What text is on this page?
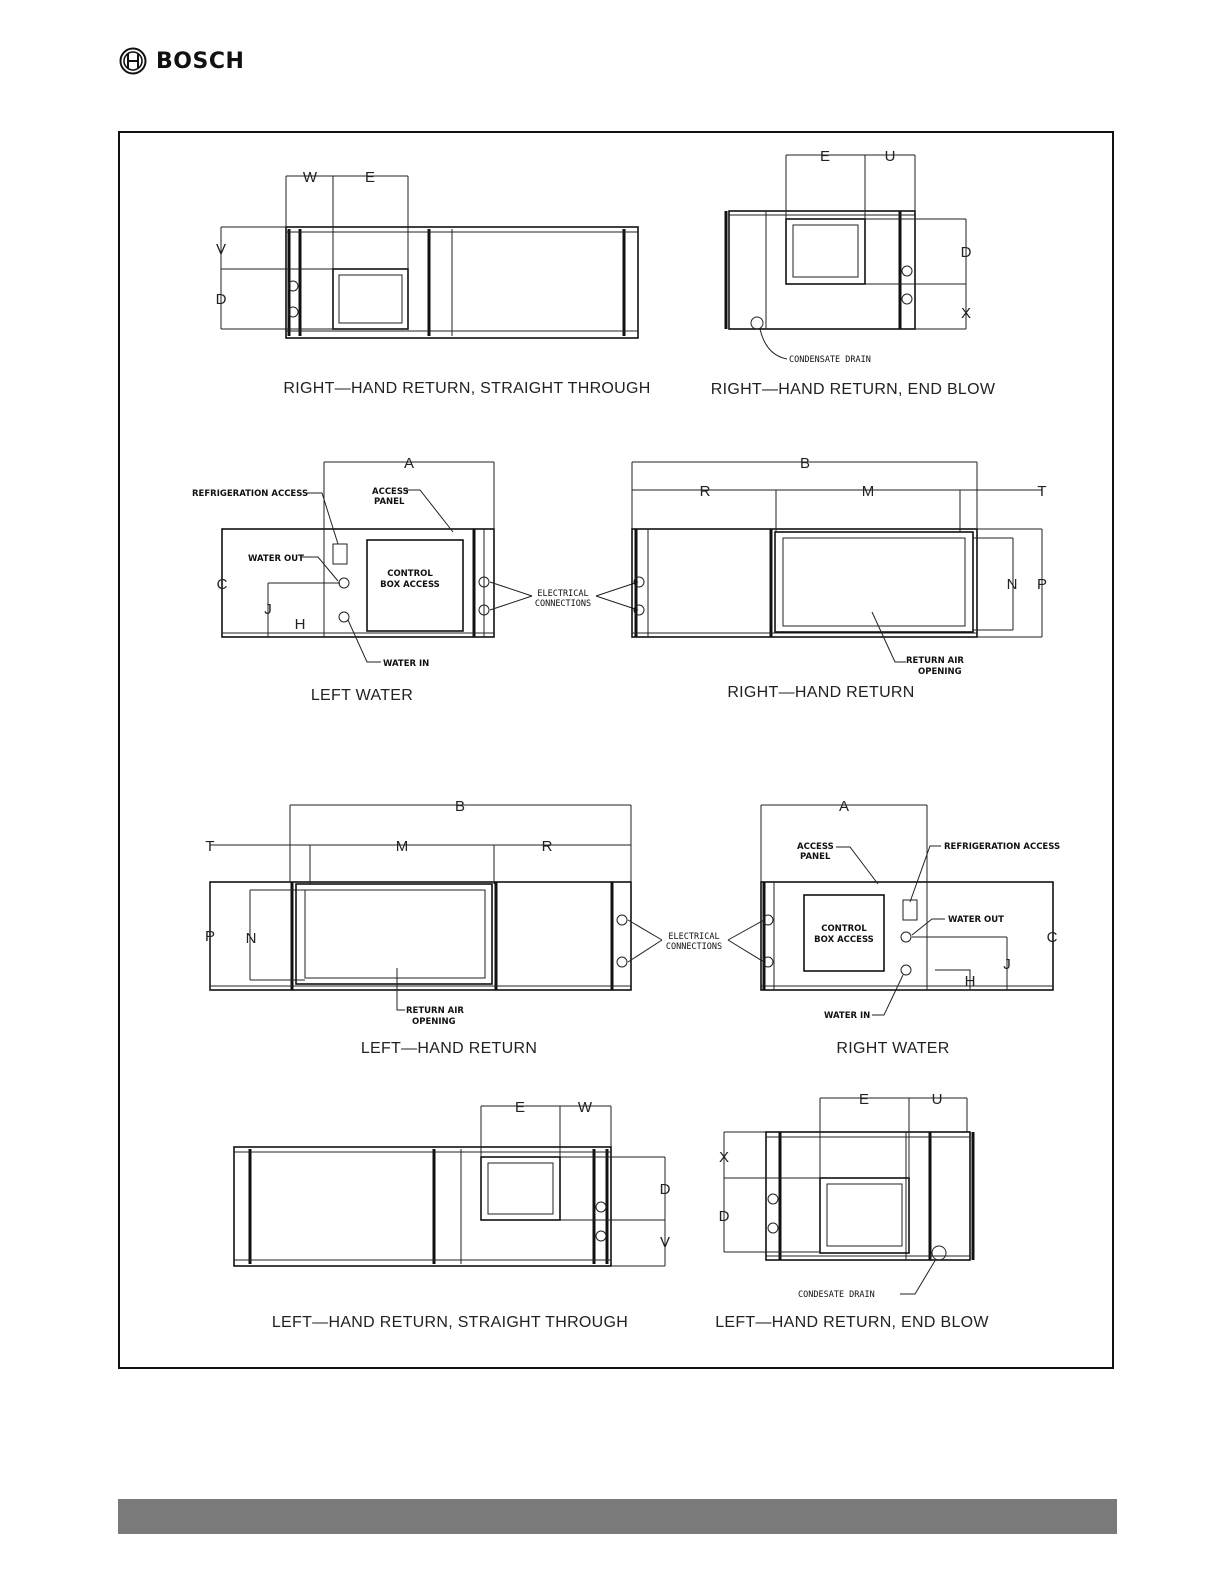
BOSCH
W	E
V
D
RIGHT—HAND RETURN, STRAIGHT THROUGH
E	U
D
X
CONDENSATE DRAIN
RIGHT—HAND RETURN, END BLOW
CONTROL
BOX ACCESS
A
C
J
H
REFRIGERATION ACCESS	ACCESS
PANEL
WATER OUT
WATER IN
LEFT WATER
ELECTRICAL
CONNECTIONS
B
R	M	T
N P
RETURN AIR
OPENING
RIGHT—HAND RETURN
B
T	M	R
N
P
RETURN AIR
OPENING
LEFT—HAND RETURN
ELECTRICAL
CONNECTIONS
CONTROL
BOX ACCESS
A
C
J
H
ACCESS
PANEL
REFRIGERATION ACCESS
WATER OUT
WATER IN
RIGHT WATER
E	W
D
V
LEFT—HAND RETURN, STRAIGHT THROUGH
E	U
X
D
CONDESATE DRAIN
LEFT—HAND RETURN, END BLOW
